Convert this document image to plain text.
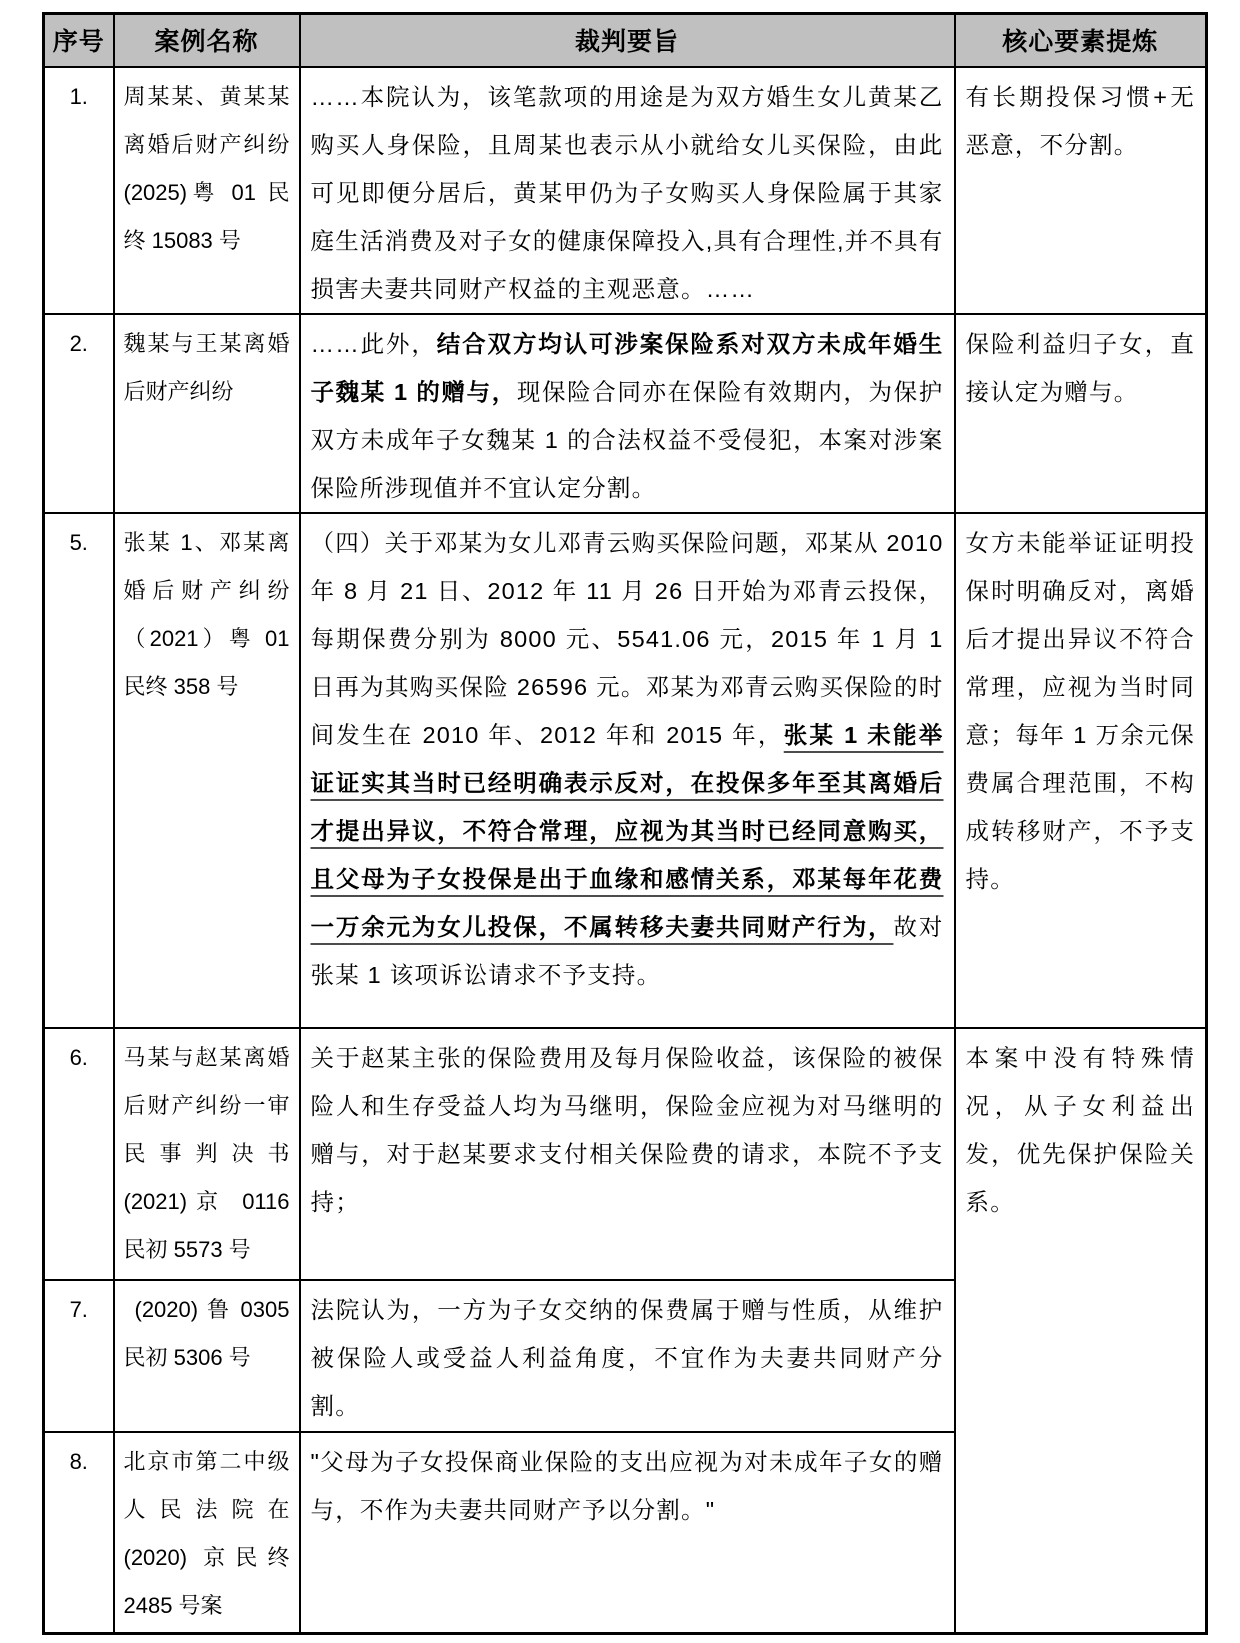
序号	案例名称	裁判要旨	核心要素提炼
1.	周某某、黄某某离婚后财产纠纷(2025)粤 01 民终 15083 号	……本院认为，该笔款项的用途是为双方婚生女儿黄某乙购买人身保险，且周某也表示从小就给女儿买保险，由此可见即便分居后，黄某甲仍为子女购买人身保险属于其家庭生活消费及对子女的健康保障投入,具有合理性,并不具有损害夫妻共同财产权益的主观恶意。……	有长期投保习惯+无恶意，不分割。
2.	魏某与王某离婚后财产纠纷	……此外，结合双方均认可涉案保险系对双方未成年婚生子魏某 1 的赠与，现保险合同亦在保险有效期内，为保护双方未成年子女魏某 1 的合法权益不受侵犯，本案对涉案保险所涉现值并不宜认定分割。	保险利益归子女，直接认定为赠与。
5.	张某 1、邓某离婚后财产纠纷（2021）粤 01 民终 358 号	（四）关于邓某为女儿邓青云购买保险问题，邓某从 2010 年 8 月 21 日、2012 年 11 月 26 日开始为邓青云投保，每期保费分别为 8000 元、5541.06 元，2015 年 1 月 1 日再为其购买保险 26596 元。邓某为邓青云购买保险的时间发生在 2010 年、2012 年和 2015 年，张某 1 未能举证证实其当时已经明确表示反对，在投保多年至其离婚后才提出异议，不符合常理，应视为其当时已经同意购买，且父母为子女投保是出于血缘和感情关系，邓某每年花费一万余元为女儿投保，不属转移夫妻共同财产行为，故对张某 1 该项诉讼请求不予支持。	女方未能举证证明投保时明确反对，离婚后才提出异议不符合常理，应视为当时同意；每年 1 万余元保费属合理范围，不构成转移财产，不予支持。
6.	马某与赵某离婚后财产纠纷一审民事判决书(2021)京 0116 民初 5573 号	关于赵某主张的保险费用及每月保险收益，该保险的被保险人和生存受益人均为马继明，保险金应视为对马继明的赠与，对于赵某要求支付相关保险费的请求，本院不予支持；	本案中没有特殊情况，从子女利益出发，优先保护保险关系。
7.	 (2020) 鲁 0305 民初 5306 号	法院认为，一方为子女交纳的保费属于赠与性质，从维护被保险人或受益人利益角度，不宜作为夫妻共同财产分割。	
8.	北京市第二中级人民法院在 (2020) 京民终 2485 号案	"父母为子女投保商业保险的支出应视为对未成年子女的赠与，不作为夫妻共同财产予以分割。"	
